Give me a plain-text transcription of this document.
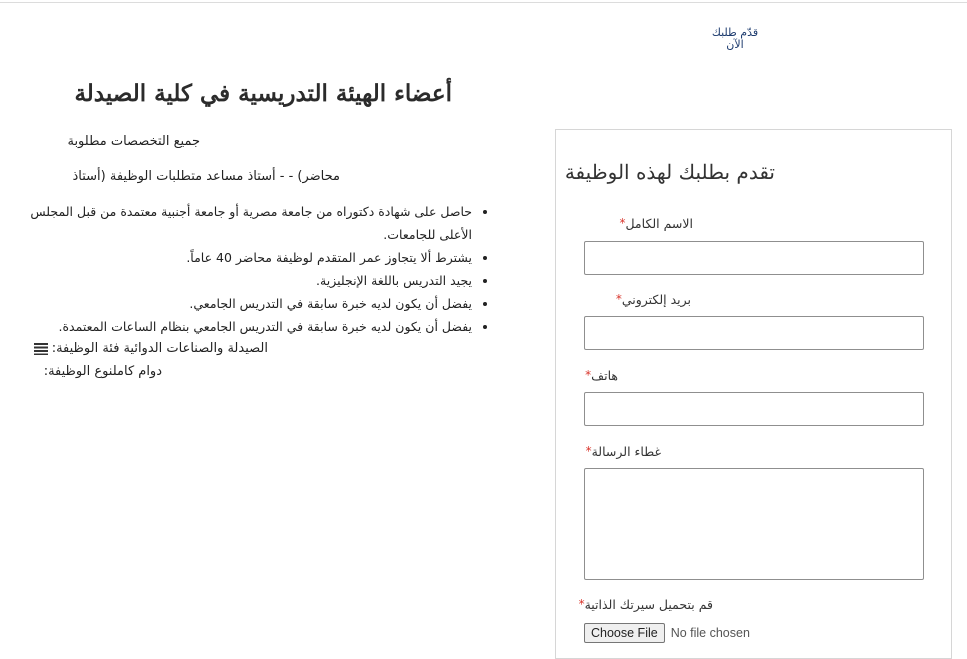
قدّم طلبك
الآن
أعضاء الهيئة التدريسية في كلية الصيدلة
جميع التخصصات مطلوبة
محاضر) - - أستاذ مساعد متطلبات الوظيفة (أستاذ
• حاصل على شهادة دكتوراه من جامعة مصرية أو جامعة أجنبية معتمدة من قبل المجلس الأعلى للجامعات.
• يشترط ألا يتجاوز عمر المتقدم لوظيفة محاضر 40 عاماً.
• يجيد التدريس باللغة الإنجليزية.
• يفضل أن يكون لديه خبرة سابقة في التدريس الجامعي.
• يفضل أن يكون لديه خبرة سابقة في التدريس الجامعي بنظام الساعات المعتمدة.
الصيدلة والصناعات الدوائية
فئة الوظيفة:
دوام كاملنوع الوظيفة:
تقدم بطلبك لهذه الوظيفة
الاسم الكامل*
بريد إلكتروني*
هاتف*
غطاء الرسالة*
قم بتحميل سيرتك الذاتية*
Choose File	No file chosen
